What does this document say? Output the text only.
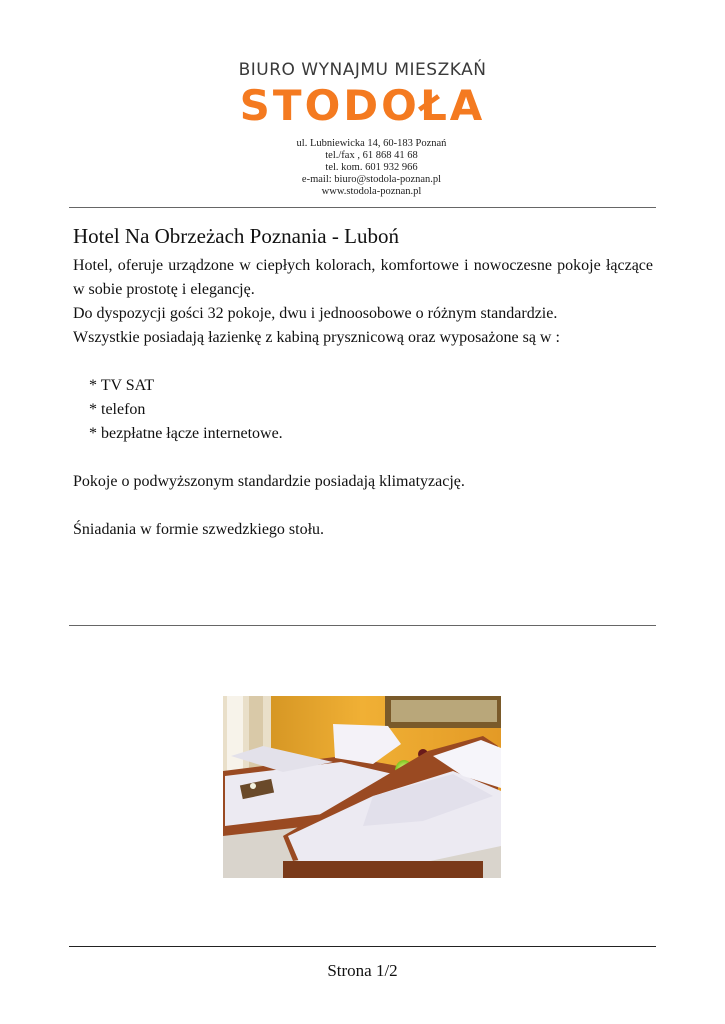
BIURO WYNAJMU MIESZKAŃ
STODOŁA
ul. Lubniewicka 14, 60-183 Poznań
tel./fax , 61 868 41 68
tel. kom. 601 932 966
e-mail: biuro@stodola-poznan.pl
www.stodola-poznan.pl
Hotel Na Obrzeżach Poznania - Luboń

Hotel, oferuje urządzone w ciepłych kolorach, komfortowe i nowoczesne pokoje łączące w sobie prostotę i elegancję.

Do dyspozycji gości 32 pokoje, dwu i jednoosobowe o różnym standardzie.

Wszystkie posiadają łazienkę z kabiną prysznicową oraz wyposażone są w :

* TV SAT
* telefon
* bezpłatne łącze internetowe.

Pokoje o podwyższonym standardzie posiadają klimatyzację.

Śniadania w formie szwedzkiego stołu.

Strona 1/2
